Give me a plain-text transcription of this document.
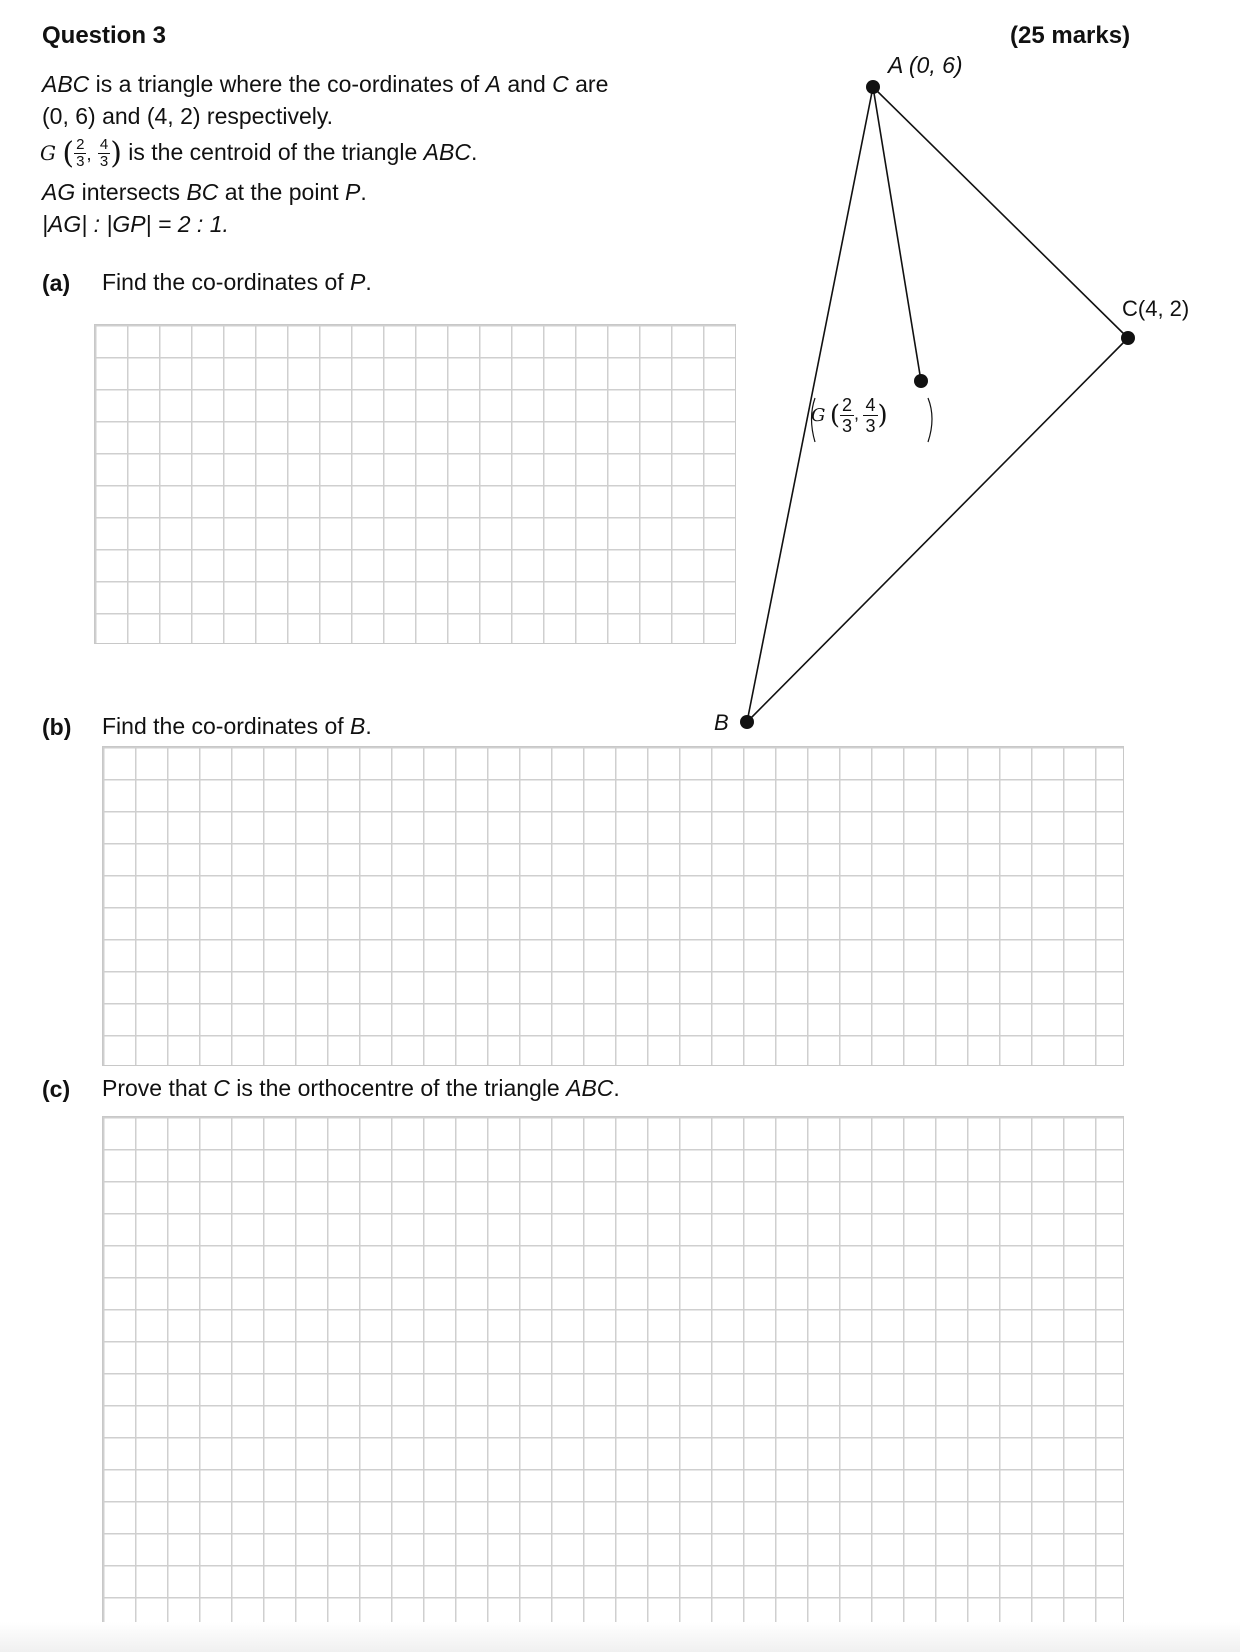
Question 3	(25 marks)
ABC is a triangle where the co-ordinates of A and C are
(0, 6) and (4, 2) respectively.
G ( $\frac{2}{3}$ , $\frac{4}{3}$ ) is the centroid of the triangle ABC.
AG intersects BC at the point P.
|AG| : |GP| = 2 : 1.
(a) Find the co-ordinates of P.
(b) Find the co-ordinates of B.
(c) Prove that C is the orthocentre of the triangle ABC.
A (0, 6)
C(4, 2)
B
G ( $\frac{2}{3}$ , $\frac{4}{3}$ )
